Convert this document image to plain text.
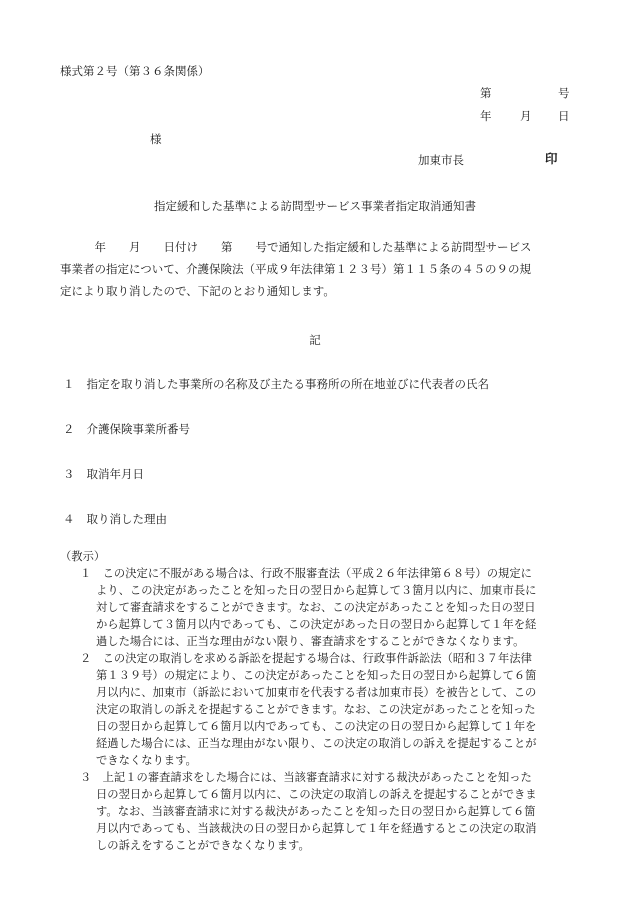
様式第２号（第３６条関係）
第	号
年 月 日
様
加東市長	印
指定緩和した基準による訪問型サービス事業者指定取消通知書
　　　年　　月　　日付け　　第　　号で通知した指定緩和した基準による訪問型サービス
事業者の指定について、介護保険法（平成９年法律第１２３号）第１１５条の４５の９の規
定により取り消したので、下記のとおり通知します。
記
１ 指定を取り消した事業所の名称及び主たる事務所の所在地並びに代表者の氏名
２ 介護保険事業所番号
３ 取消年月日
４ 取り消した理由
（教示）
１　 この決定に不服がある場合は、行政不服審査法（平成２６年法律第６８号）の規定に
より、この決定があったことを知った日の翌日から起算して３箇月以内に、加東市長に
対して審査請求をすることができます。なお、この決定があったことを知った日の翌日
から起算して３箇月以内であっても、この決定があった日の翌日から起算して１年を経
過した場合には、正当な理由がない限り、審査請求をすることができなくなります。
２　 この決定の取消しを求める訴訟を提起する場合は、行政事件訴訟法（昭和３７年法律
第１３９号）の規定により、この決定があったことを知った日の翌日から起算して６箇
月以内に、加東市（訴訟において加東市を代表する者は加東市長）を被告として、この
決定の取消しの訴えを提起することができます。なお、この決定があったことを知った
日の翌日から起算して６箇月以内であっても、この決定の日の翌日から起算して１年を
経過した場合には、正当な理由がない限り、この決定の取消しの訴えを提起することが
できなくなります。
３　 上記１の審査請求をした場合には、当該審査請求に対する裁決があったことを知った
日の翌日から起算して６箇月以内に、この決定の取消しの訴えを提起することができま
す。なお、当該審査請求に対する裁決があったことを知った日の翌日から起算して６箇
月以内であっても、当該裁決の日の翌日から起算して１年を経過するとこの決定の取消
しの訴えをすることができなくなります。
